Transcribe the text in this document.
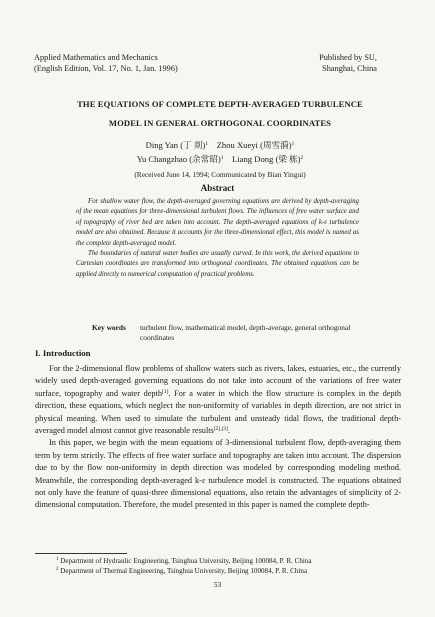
Applied Mathematics and Mechanics
(English Edition, Vol. 17, No. 1, Jan. 1996)
Published by SU,
Shanghai, China
THE EQUATIONS OF COMPLETE DEPTH-AVERAGED TURBULENCE
MODEL IN GENERAL ORTHOGONAL COORDINATES
Ding Yan (丁 剡)$^1$ Zhou Xueyi (周雪漪)$^1$
Yu Changzhao (余常昭)$^1$ Liang Dong (梁 栋)$^2$
(Received June 14, 1994; Communicated by Bian Yingui)
Abstract

For shallow water flow, the depth-averaged governing equations are derived by depth-averaging of the mean equations for three-dimensional turbulent flows. The influences of free water surface and of topography of river bed are taken into account. The depth-averaged equations of k-ε turbulence model are also obtained. Because it accounts for the three-dimensional effect, this model is named as the complete depth-averaged model.

The boundaries of natural water bodies are usually curved. In this work, the derived equations in Cartesian coordinates are transformed into orthogonal coordinates. The obtained equations can be applied directly to numerical computation of practical problems.

Key words turbulent flow, mathematical model, depth-average, general orthogonal coordinates
I. Introduction

For the 2-dimensional flow problems of shallow waters such as rivers, lakes, estuaries, etc., the currently widely used depth-averaged governing equations do not take into account of the variations of free water surface, topography and water depth[1]. For a water in which the flow structure is complex in the depth direction, these equations, which neglect the non-uniformity of variables in depth direction, are not strict in physical meaning. When used to simulate the turbulent and unsteady tidal flows, the traditional depth-averaged model almost cannot give reasonable results[2],[3].

In this paper, we begin with the mean equations of 3-dimensional turbulent flow, depth-averaging them term by term strictly. The effects of free water surface and topography are taken into account. The dispersion due to by the flow non-uniformity in depth direction was modeled by corresponding modeling method. Meanwhile, the corresponding depth-averaged k-ε turbulence model is constructed. The equations obtained not only have the feature of quasi-three dimensional equations, also retain the advantages of simplicity of 2-dimensional computation. Therefore, the model presented in this paper is named the complete depth-

$^1$ Department of Hydraulic Engineering, Tsinghua University, Beijing 100084, P. R. China
$^2$ Department of Thermal Engineering, Tsinghua University, Beijing 100084, P. R. China
53
